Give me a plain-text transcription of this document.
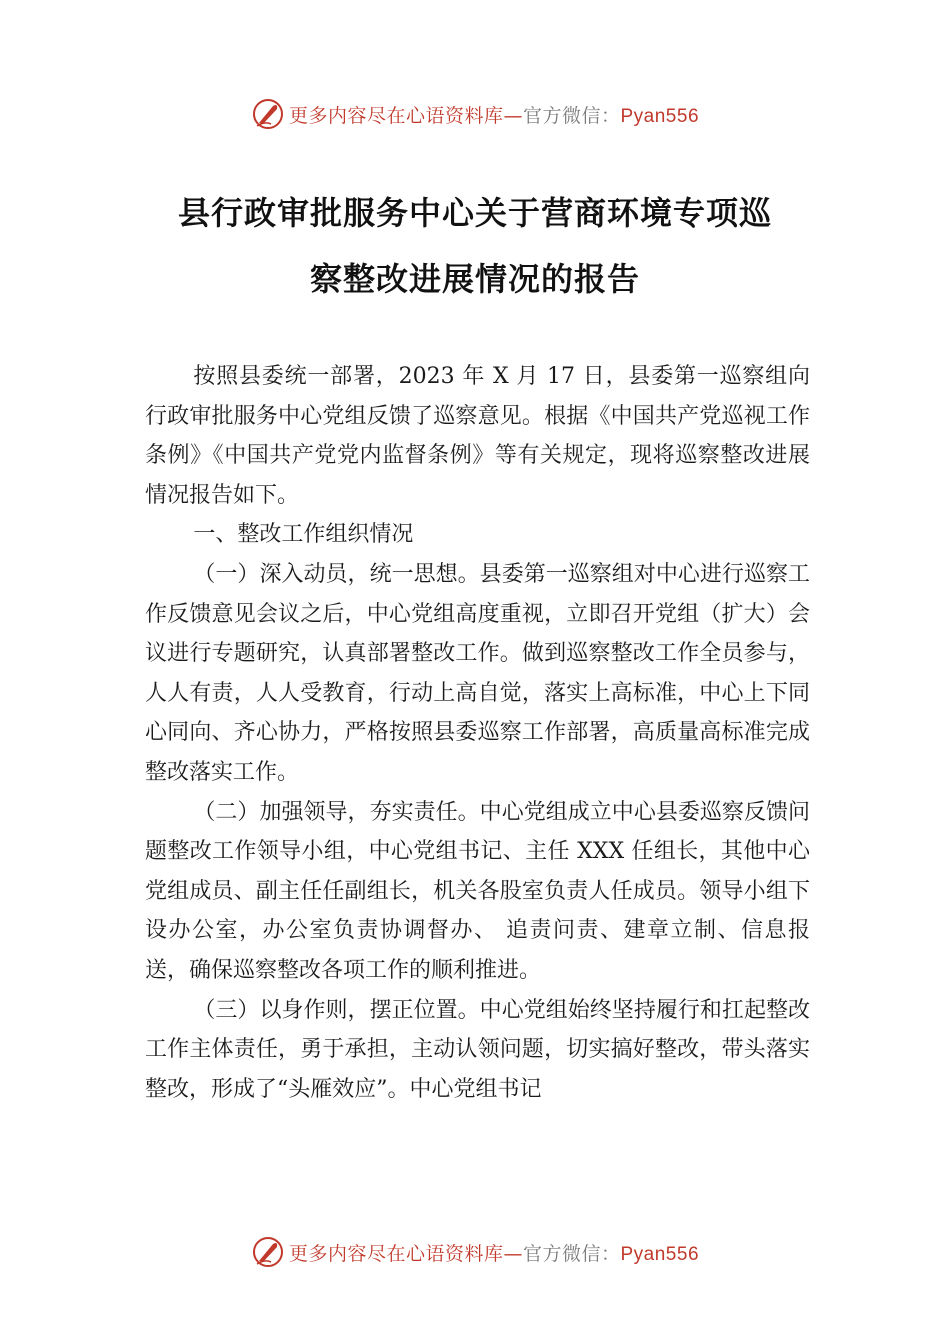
更多内容尽在心语资料库—官方微信：Pyan556
县行政审批服务中心关于营商环境专项巡
察整改进展情况的报告

按照县委统一部署，2023 年 X 月 17 日，县委第一巡察组向行政审批服务中心党组反馈了巡察意见。根据《中国共产党巡视工作条例》《中国共产党党内监督条例》等有关规定，现将巡察整改进展情况报告如下。

一、整改工作组织情况

（一）深入动员，统一思想。县委第一巡察组对中心进行巡察工作反馈意见会议之后，中心党组高度重视，立即召开党组（扩大）会议进行专题研究，认真部署整改工作。做到巡察整改工作全员参与，人人有责，人人受教育，行动上高自觉，落实上高标准，中心上下同心同向、齐心协力，严格按照县委巡察工作部署，高质量高标准完成整改落实工作。

（二）加强领导，夯实责任。中心党组成立中心县委巡察反馈问题整改工作领导小组，中心党组书记、主任 XXX 任组长，其他中心党组成员、副主任任副组长，机关各股室负责人任成员。领导小组下设办公室，办公室负责协调督办、 追责问责、建章立制、信息报送，确保巡察整改各项工作的顺利推进。

（三）以身作则，摆正位置。中心党组始终坚持履行和扛起整改工作主体责任，勇于承担，主动认领问题，切实搞好整改，带头落实整改，形成了“头雁效应”。中心党组书记

更多内容尽在心语资料库—官方微信：Pyan556
